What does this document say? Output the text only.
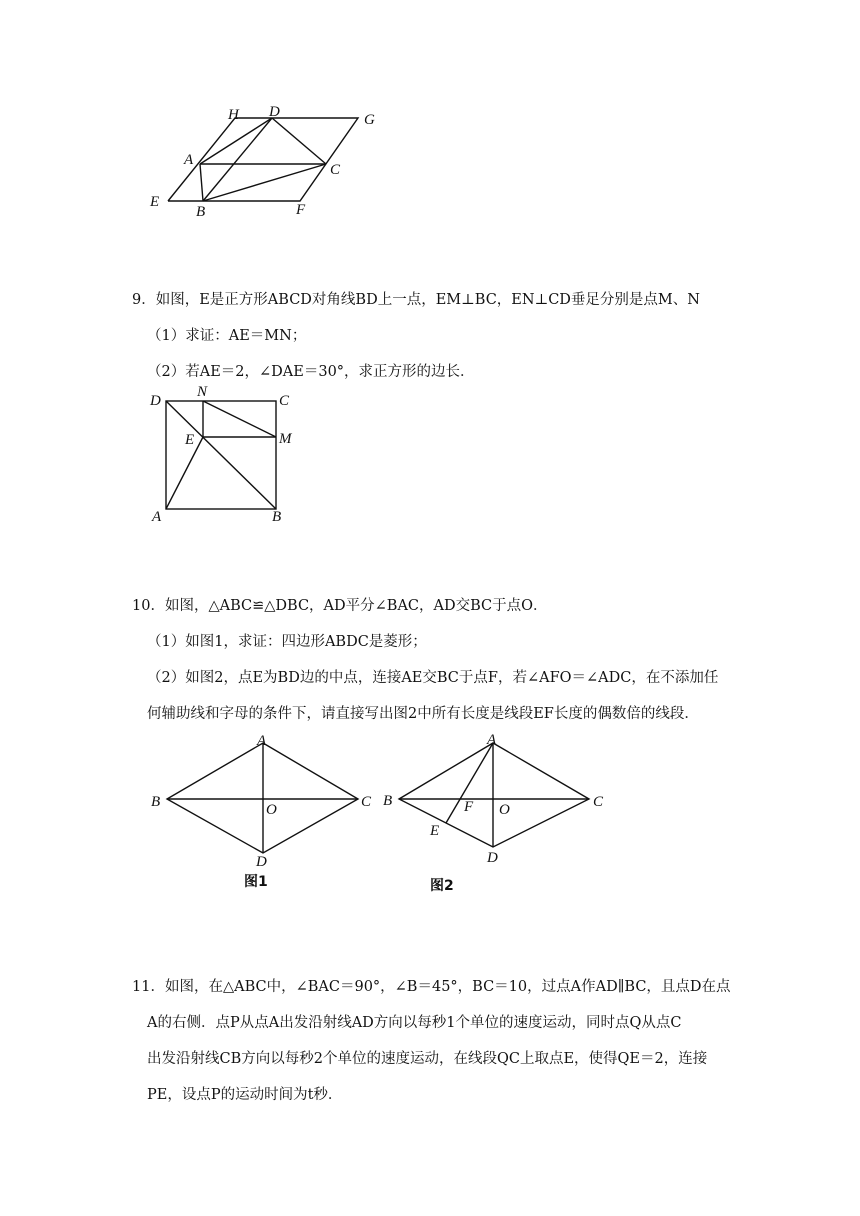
H D	G
A
C
E
B	F
9．如图，E是正方形ABCD对角线BD上一点，EM⊥BC，EN⊥CD垂足分别是点M、N
（1）求证：AE＝MN；
（2）若AE＝2，∠DAE＝30°，求正方形的边长．
D
N
C
E	M
A	B
10．如图，△ABC≌△DBC，AD平分∠BAC，AD交BC于点O．
（1）如图1，求证：四边形ABDC是菱形；
（2）如图2，点E为BD边的中点，连接AE交BC于点F，若∠AFO＝∠ADC，在不添加任
何辅助线和字母的条件下，请直接写出图2中所有长度是线段EF长度的偶数倍的线段．
A
B	O	C
D
图1
A
B	F O	C
E
D
图2
11．如图，在△ABC中，∠BAC＝90°，∠B＝45°，BC＝10，过点A作AD∥BC，且点D在点
A的右侧．点P从点A出发沿射线AD方向以每秒1个单位的速度运动，同时点Q从点C
出发沿射线CB方向以每秒2个单位的速度运动，在线段QC上取点E，使得QE＝2，连接
PE，设点P的运动时间为t秒．
